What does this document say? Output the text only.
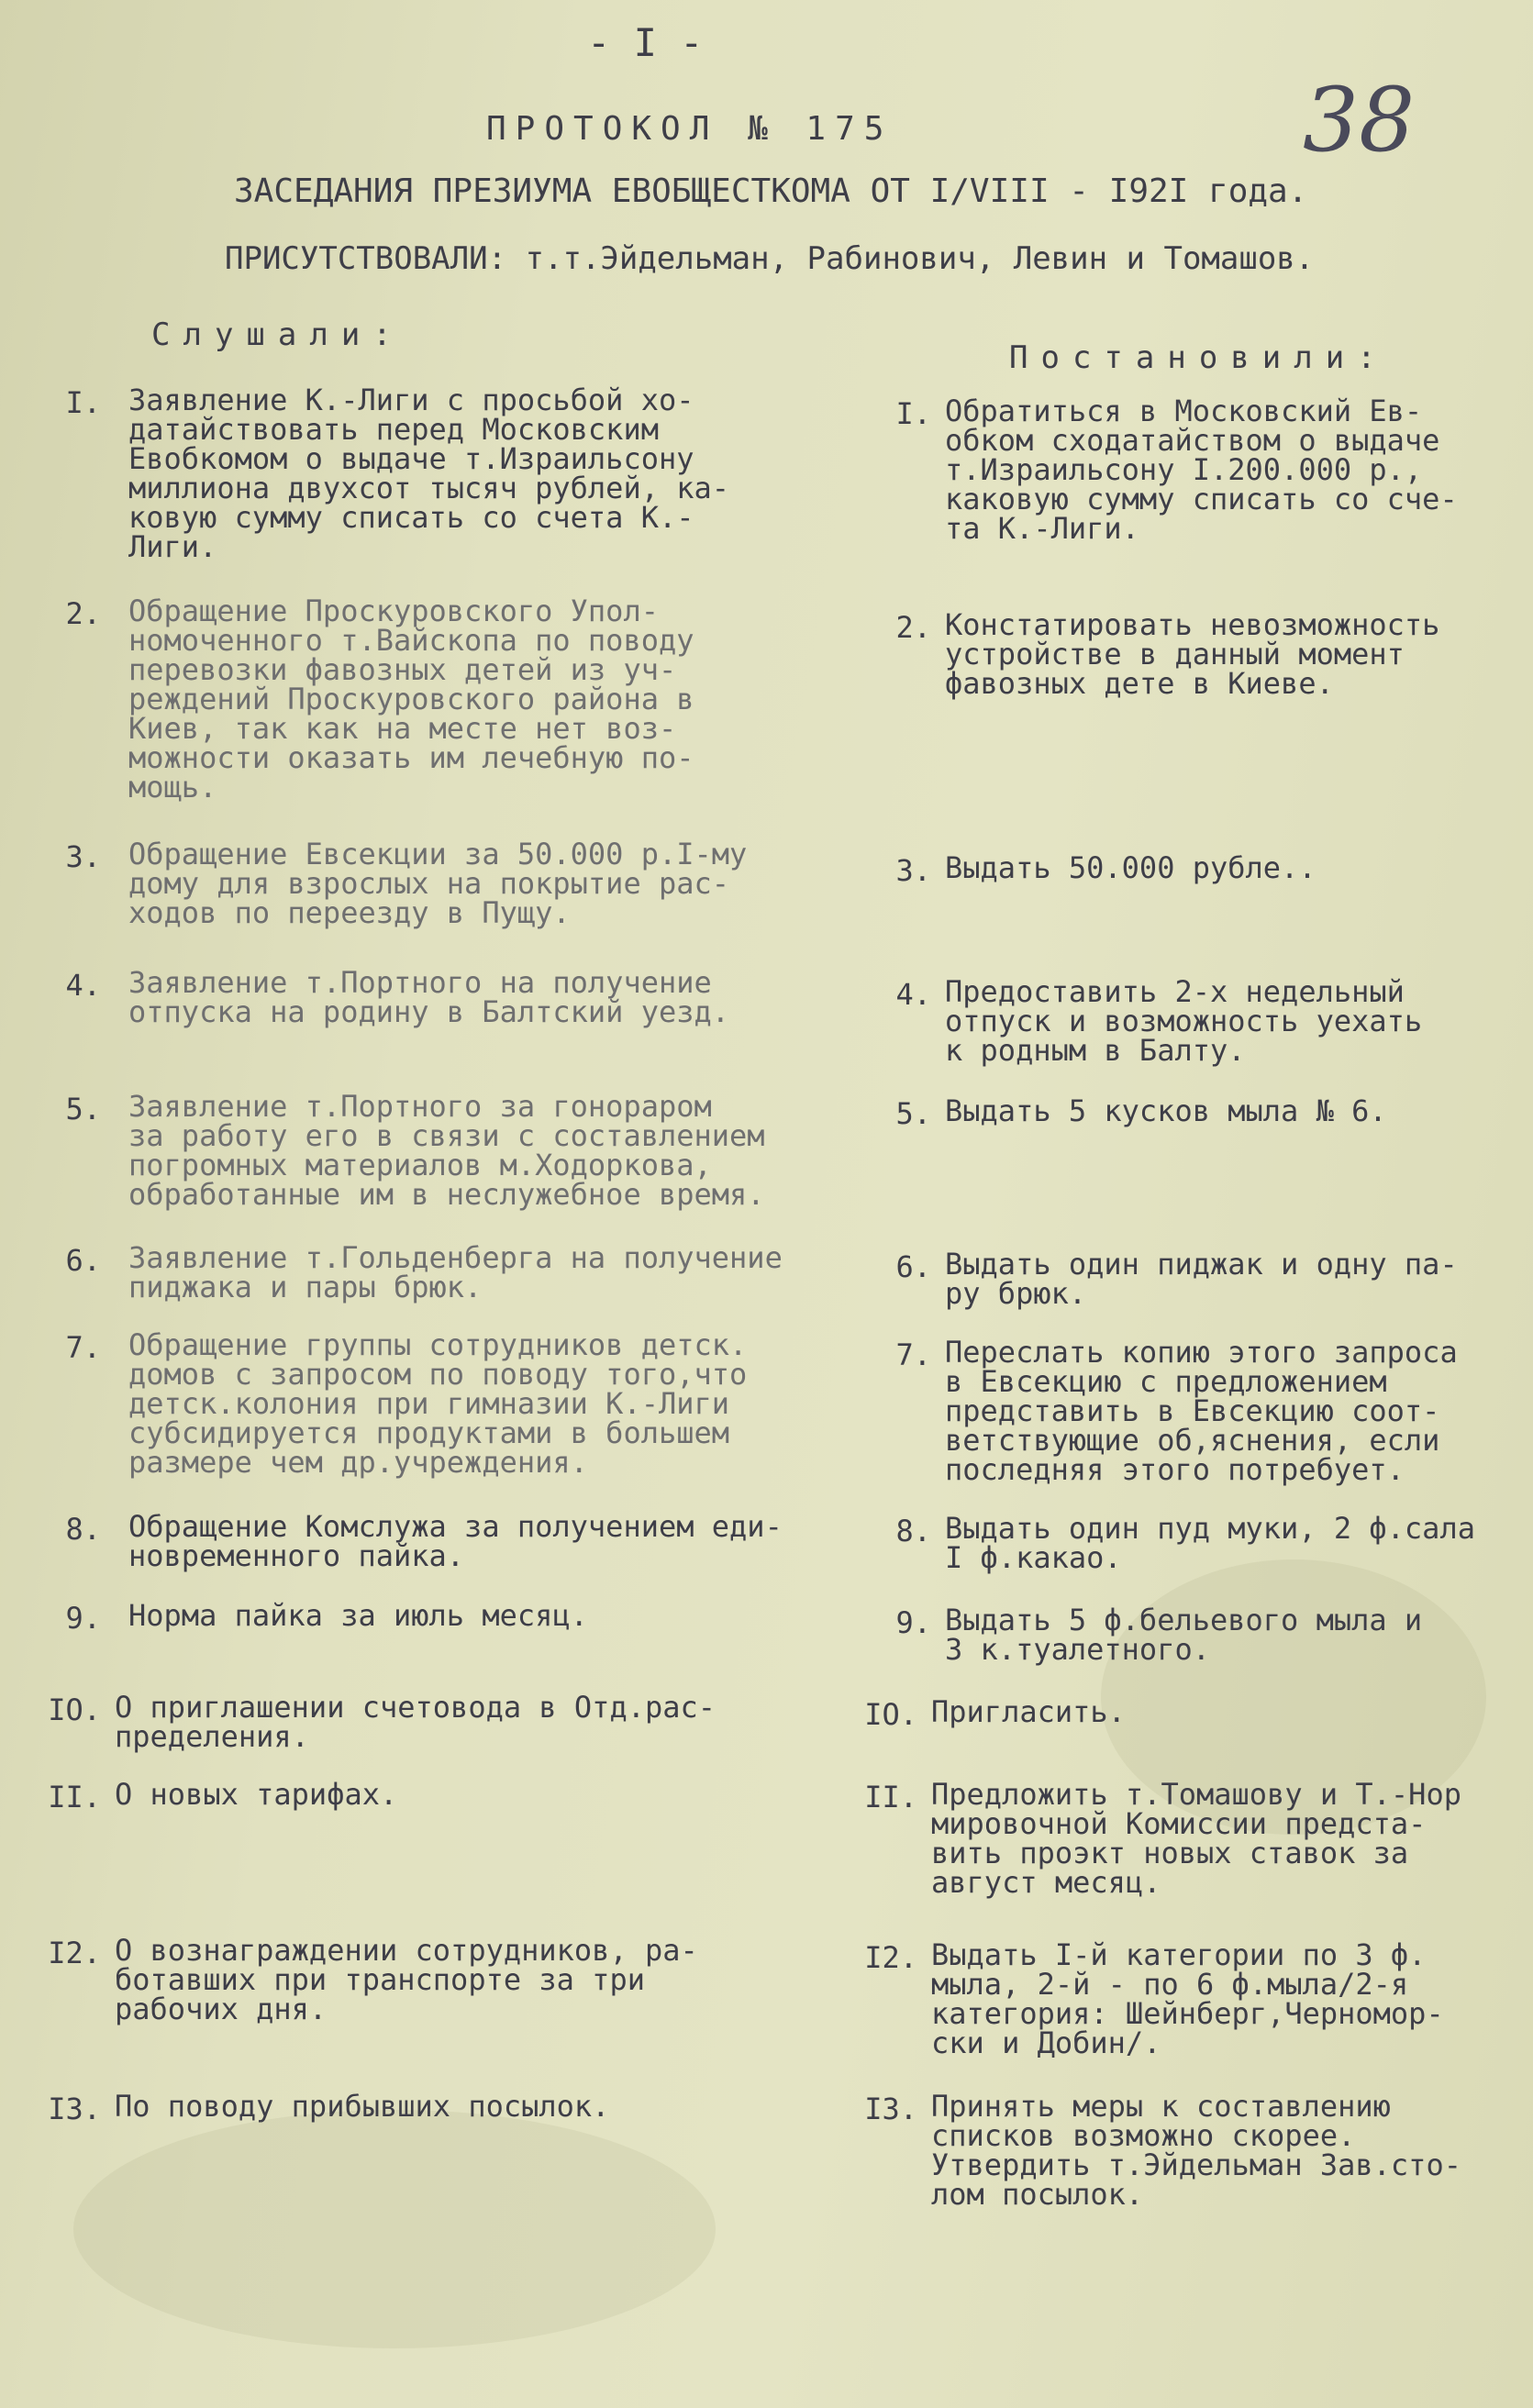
- I -
38
ПРОТОКОЛ № 175
ЗАСЕДАНИЯ ПРЕЗИУМА ЕВОБЩЕСТКОМА ОТ I/VIII - I92I года.
ПРИСУТСТВОВАЛИ: т.т.Эйдельман, Рабинович, Левин и Томашов.
Слушали:
Постановили:
I. Заявление К.-Лиги с просьбой хо-
датайствовать перед Московским
Евобкомом о выдаче т.Израильсону
миллиона двухсот тысяч рублей, ка-
ковую сумму списать со счета К.-
Лиги.
I. Обратиться в Московский Ев-
обком сходатайством о выдаче
т.Израильсону I.200.000 р.,
каковую сумму списать со сче-
та К.-Лиги.
2. Обращение Проскуровского Упол-
номоченного т.Вайскопа по поводу
перевозки фавозных детей из уч-
реждений Проскуровского района в
Киев, так как на месте нет воз-
можности оказать им лечебную по-
мощь.
2. Констатировать невозможность
устройстве в данный момент
фавозных дете в Киеве.
3. Обращение Евсекции за 50.000 р.I-му
дому для взрослых на покрытие рас-
ходов по переезду в Пущу.
3. Выдать 50.000 рубле..
4. Заявление т.Портного на получение
отпуска на родину в Балтский уезд.	4. Предоставить 2-х недельный
отпуск и возможность уехать
к родным в Балту.
5. Заявление т.Портного за гонораром
за работу его в связи с составлением
погромных материалов м.Ходоркова,
обработанные им в неслужебное время.
5. Выдать 5 кусков мыла № 6.
6. Заявление т.Гольденберга на получение
пиджака и пары брюк.
6. Выдать один пиджак и одну па-
ру брюк.
7. Обращение группы сотрудников детск.
домов с запросом по поводу того,что
детск.колония при гимназии К.-Лиги
субсидируется продуктами в большем
размере чем др.учреждения.
7. Переслать копию этого запроса
в Евсекцию с предложением
представить в Евсекцию соот-
ветствующие об,яснения, если
последняя этого потребует.
8. Обращение Комслужа за получением еди-
новременного пайка.
8. Выдать один пуд муки, 2 ф.сала
I ф.какао.
9. Норма пайка за июль месяц.	9. Выдать 5 ф.бельевого мыла и
3 к.туалетного.
IO. О приглашении счетовода в Отд.рас-
пределения.
IO. Пригласить.
II. О новых тарифах.	II. Предложить т.Томашову и Т.-Нор
мировочной Комиссии предста-
вить проэкт новых ставок за
август месяц.
I2. О вознаграждении сотрудников, ра-
ботавших при транспорте за три
рабочих дня.
I2. Выдать I-й категории по 3 ф.
мыла, 2-й - по 6 ф.мыла/2-я
категория: Шейнберг,Черномор-
ски и Добин/.
I3. По поводу прибывших посылок.	I3. Принять меры к составлению
списков возможно скорее.
Утвердить т.Эйдельман Зав.сто-
лом посылок.
